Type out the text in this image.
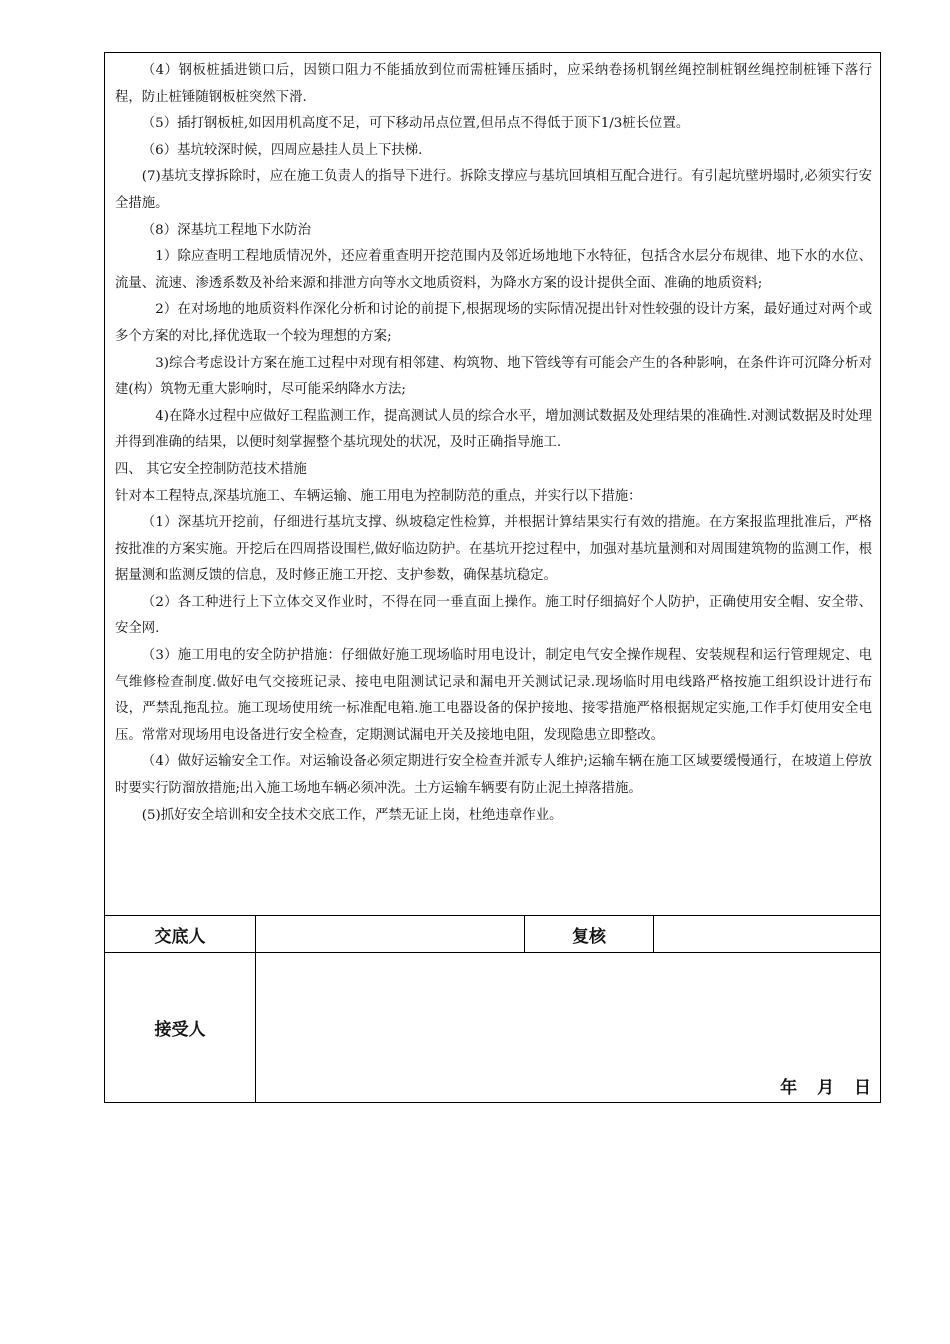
（4）钢板桩插进锁口后，因锁口阻力不能插放到位而需桩锤压插时，应采纳卷扬机钢丝绳控制桩钢丝绳控制桩锤下落行程，防止桩锤随钢板桩突然下滑.

（5）插打钢板桩,如因用机高度不足，可下移动吊点位置,但吊点不得低于顶下1/3桩长位置。

（6）基坑较深时候，四周应悬挂人员上下扶梯.

(7)基坑支撑拆除时，应在施工负责人的指导下进行。拆除支撑应与基坑回填相互配合进行。有引起坑壁坍塌时,必须实行安全措施。

（8）深基坑工程地下水防治

1）除应查明工程地质情况外，还应着重查明开挖范围内及邻近场地地下水特征，包括含水层分布规律、地下水的水位、流量、流速、渗透系数及补给来源和排泄方向等水文地质资料，为降水方案的设计提供全面、准确的地质资料;

2）在对场地的地质资料作深化分析和讨论的前提下,根据现场的实际情况提出针对性较强的设计方案，最好通过对两个或多个方案的对比,择优选取一个较为理想的方案;

3)综合考虑设计方案在施工过程中对现有相邻建、构筑物、地下管线等有可能会产生的各种影响，在条件许可沉降分析对建(构）筑物无重大影响时，尽可能采纳降水方法;

4)在降水过程中应做好工程监测工作，提高测试人员的综合水平，增加测试数据及处理结果的准确性.对测试数据及时处理并得到准确的结果，以便时刻掌握整个基坑现处的状况，及时正确指导施工.

四、 其它安全控制防范技术措施

针对本工程特点,深基坑施工、车辆运输、施工用电为控制防范的重点，并实行以下措施：

（1）深基坑开挖前，仔细进行基坑支撑、纵坡稳定性检算，并根据计算结果实行有效的措施。在方案报监理批准后，严格按批准的方案实施。开挖后在四周搭设围栏,做好临边防护。在基坑开挖过程中，加强对基坑量测和对周围建筑物的监测工作，根据量测和监测反馈的信息，及时修正施工开挖、支护参数，确保基坑稳定。

（2）各工种进行上下立体交叉作业时，不得在同一垂直面上操作。施工时仔细搞好个人防护，正确使用安全帽、安全带、安全网.

（3）施工用电的安全防护措施：仔细做好施工现场临时用电设计，制定电气安全操作规程、安装规程和运行管理规定、电气维修检查制度.做好电气交接班记录、接电电阻测试记录和漏电开关测试记录.现场临时用电线路严格按施工组织设计进行布设，严禁乱拖乱拉。施工现场使用统一标准配电箱.施工电器设备的保护接地、接零措施严格根据规定实施,工作手灯使用安全电压。常常对现场用电设备进行安全检查，定期测试漏电开关及接地电阻，发现隐患立即整改。

（4）做好运输安全工作。对运输设备必须定期进行安全检查并派专人维护;运输车辆在施工区域要缓慢通行，在坡道上停放时要实行防溜放措施;出入施工场地车辆必须冲洗。土方运输车辆要有防止泥土掉落措施。

(5)抓好安全培训和安全技术交底工作，严禁无证上岗，杜绝违章作业。

交底人	复核
接受人
年 月 日
